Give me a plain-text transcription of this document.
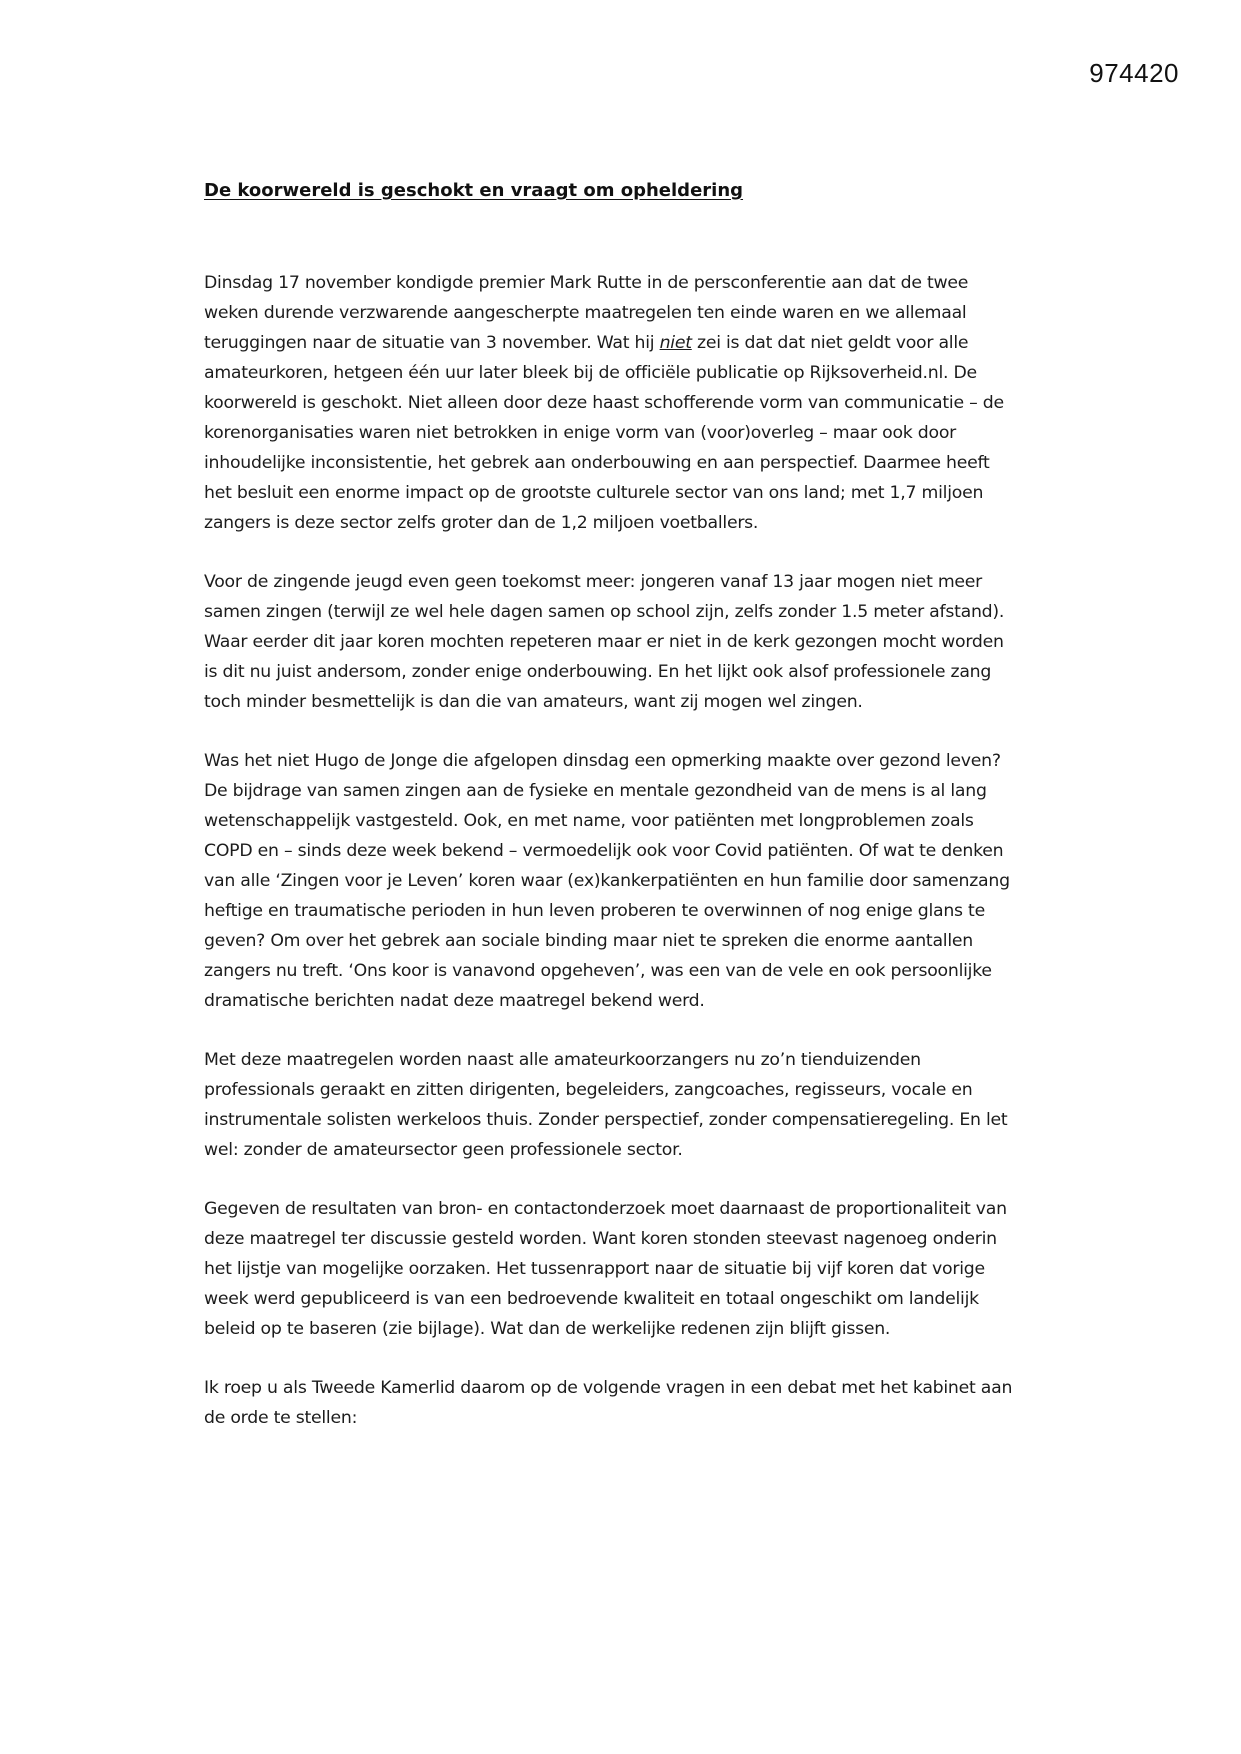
974420
De koorwereld is geschokt en vraagt om opheldering

Dinsdag 17 november kondigde premier Mark Rutte in de persconferentie aan dat de twee
weken durende verzwarende aangescherpte maatregelen ten einde waren en we allemaal
teruggingen naar de situatie van 3 november. Wat hij niet zei is dat dat niet geldt voor alle
amateurkoren, hetgeen één uur later bleek bij de officiële publicatie op Rijksoverheid.nl. De
koorwereld is geschokt. Niet alleen door deze haast schofferende vorm van communicatie – de
korenorganisaties waren niet betrokken in enige vorm van (voor)overleg – maar ook door
inhoudelijke inconsistentie, het gebrek aan onderbouwing en aan perspectief. Daarmee heeft
het besluit een enorme impact op de grootste culturele sector van ons land; met 1,7 miljoen
zangers is deze sector zelfs groter dan de 1,2 miljoen voetballers.

Voor de zingende jeugd even geen toekomst meer: jongeren vanaf 13 jaar mogen niet meer
samen zingen (terwijl ze wel hele dagen samen op school zijn, zelfs zonder 1.5 meter afstand).
Waar eerder dit jaar koren mochten repeteren maar er niet in de kerk gezongen mocht worden
is dit nu juist andersom, zonder enige onderbouwing. En het lijkt ook alsof professionele zang
toch minder besmettelijk is dan die van amateurs, want zij mogen wel zingen.

Was het niet Hugo de Jonge die afgelopen dinsdag een opmerking maakte over gezond leven?
De bijdrage van samen zingen aan de fysieke en mentale gezondheid van de mens is al lang
wetenschappelijk vastgesteld. Ook, en met name, voor patiënten met longproblemen zoals
COPD en – sinds deze week bekend – vermoedelijk ook voor Covid patiënten. Of wat te denken
van alle ‘Zingen voor je Leven’ koren waar (ex)kankerpatiënten en hun familie door samenzang
heftige en traumatische perioden in hun leven proberen te overwinnen of nog enige glans te
geven? Om over het gebrek aan sociale binding maar niet te spreken die enorme aantallen
zangers nu treft. ‘Ons koor is vanavond opgeheven’, was een van de vele en ook persoonlijke
dramatische berichten nadat deze maatregel bekend werd.

Met deze maatregelen worden naast alle amateurkoorzangers nu zo’n tienduizenden
professionals geraakt en zitten dirigenten, begeleiders, zangcoaches, regisseurs, vocale en
instrumentale solisten werkeloos thuis. Zonder perspectief, zonder compensatieregeling. En let
wel: zonder de amateursector geen professionele sector.

Gegeven de resultaten van bron- en contactonderzoek moet daarnaast de proportionaliteit van
deze maatregel ter discussie gesteld worden. Want koren stonden steevast nagenoeg onderin
het lijstje van mogelijke oorzaken. Het tussenrapport naar de situatie bij vijf koren dat vorige
week werd gepubliceerd is van een bedroevende kwaliteit en totaal ongeschikt om landelijk
beleid op te baseren (zie bijlage). Wat dan de werkelijke redenen zijn blijft gissen.

Ik roep u als Tweede Kamerlid daarom op de volgende vragen in een debat met het kabinet aan
de orde te stellen:
